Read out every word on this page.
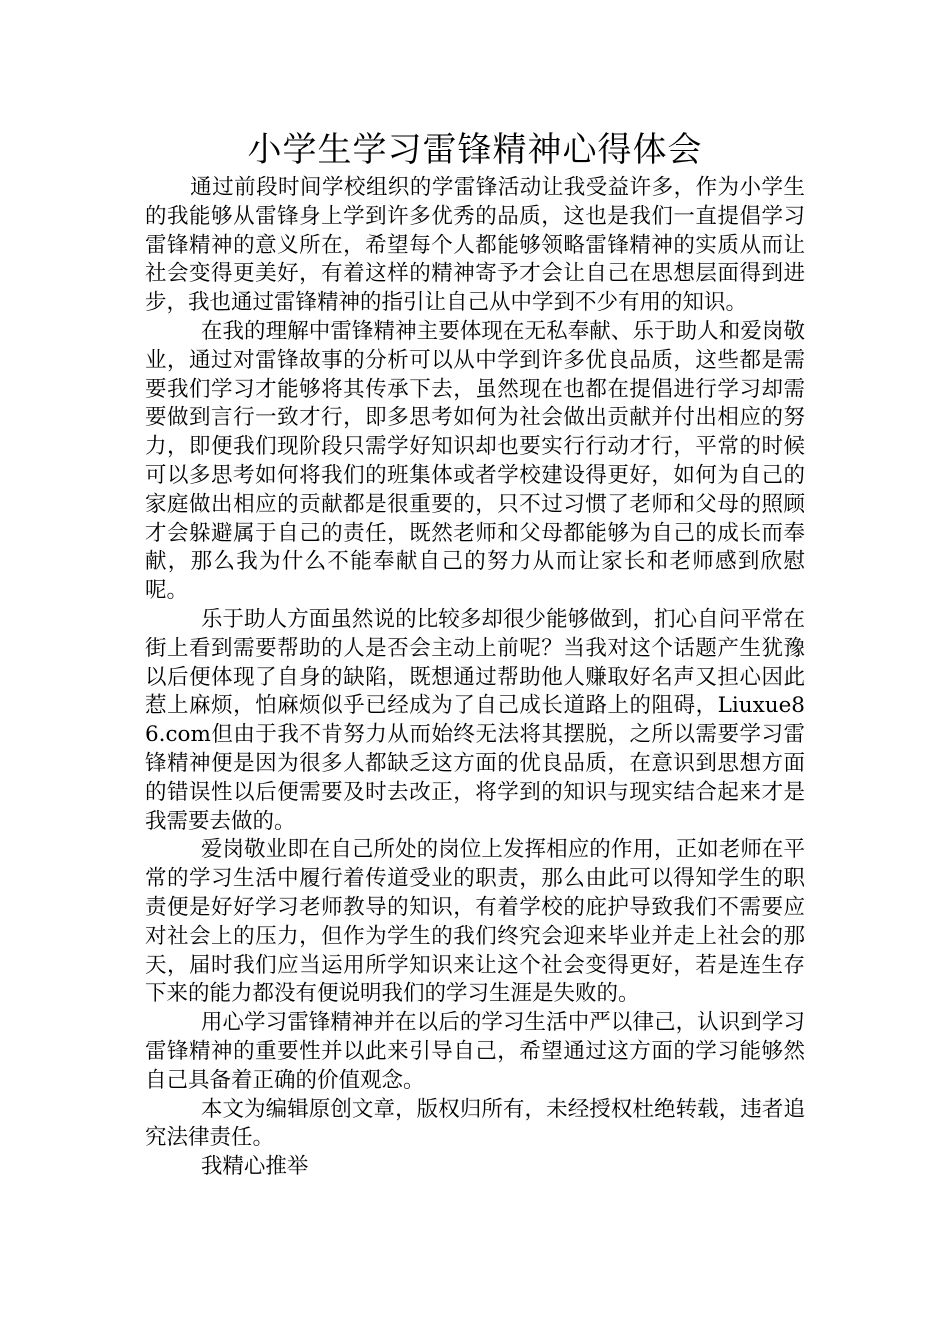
小学生学习雷锋精神心得体会

通过前段时间学校组织的学雷锋活动让我受益许多，作为小学生的我能够从雷锋身上学到许多优秀的品质，这也是我们一直提倡学习雷锋精神的意义所在，希望每个人都能够领略雷锋精神的实质从而让社会变得更美好，有着这样的精神寄予才会让自己在思想层面得到进步，我也通过雷锋精神的指引让自己从中学到不少有用的知识。

在我的理解中雷锋精神主要体现在无私奉献、乐于助人和爱岗敬业，通过对雷锋故事的分析可以从中学到许多优良品质，这些都是需要我们学习才能够将其传承下去，虽然现在也都在提倡进行学习却需要做到言行一致才行，即多思考如何为社会做出贡献并付出相应的努力，即便我们现阶段只需学好知识却也要实行行动才行，平常的时候可以多思考如何将我们的班集体或者学校建设得更好，如何为自己的家庭做出相应的贡献都是很重要的，只不过习惯了老师和父母的照顾才会躲避属于自己的责任，既然老师和父母都能够为自己的成长而奉献，那么我为什么不能奉献自己的努力从而让家长和老师感到欣慰呢。

乐于助人方面虽然说的比较多却很少能够做到，扪心自问平常在街上看到需要帮助的人是否会主动上前呢？当我对这个话题产生犹豫以后便体现了自身的缺陷，既想通过帮助他人赚取好名声又担心因此惹上麻烦，怕麻烦似乎已经成为了自己成长道路上的阻碍，Liuxue86.com但由于我不肯努力从而始终无法将其摆脱，之所以需要学习雷锋精神便是因为很多人都缺乏这方面的优良品质，在意识到思想方面的错误性以后便需要及时去改正，将学到的知识与现实结合起来才是我需要去做的。

爱岗敬业即在自己所处的岗位上发挥相应的作用，正如老师在平常的学习生活中履行着传道受业的职责，那么由此可以得知学生的职责便是好好学习老师教导的知识，有着学校的庇护导致我们不需要应对社会上的压力，但作为学生的我们终究会迎来毕业并走上社会的那天，届时我们应当运用所学知识来让这个社会变得更好，若是连生存下来的能力都没有便说明我们的学习生涯是失败的。

用心学习雷锋精神并在以后的学习生活中严以律己，认识到学习雷锋精神的重要性并以此来引导自己，希望通过这方面的学习能够然自己具备着正确的价值观念。

本文为编辑原创文章，版权归所有，未经授权杜绝转载，违者追究法律责任。

我精心推举
